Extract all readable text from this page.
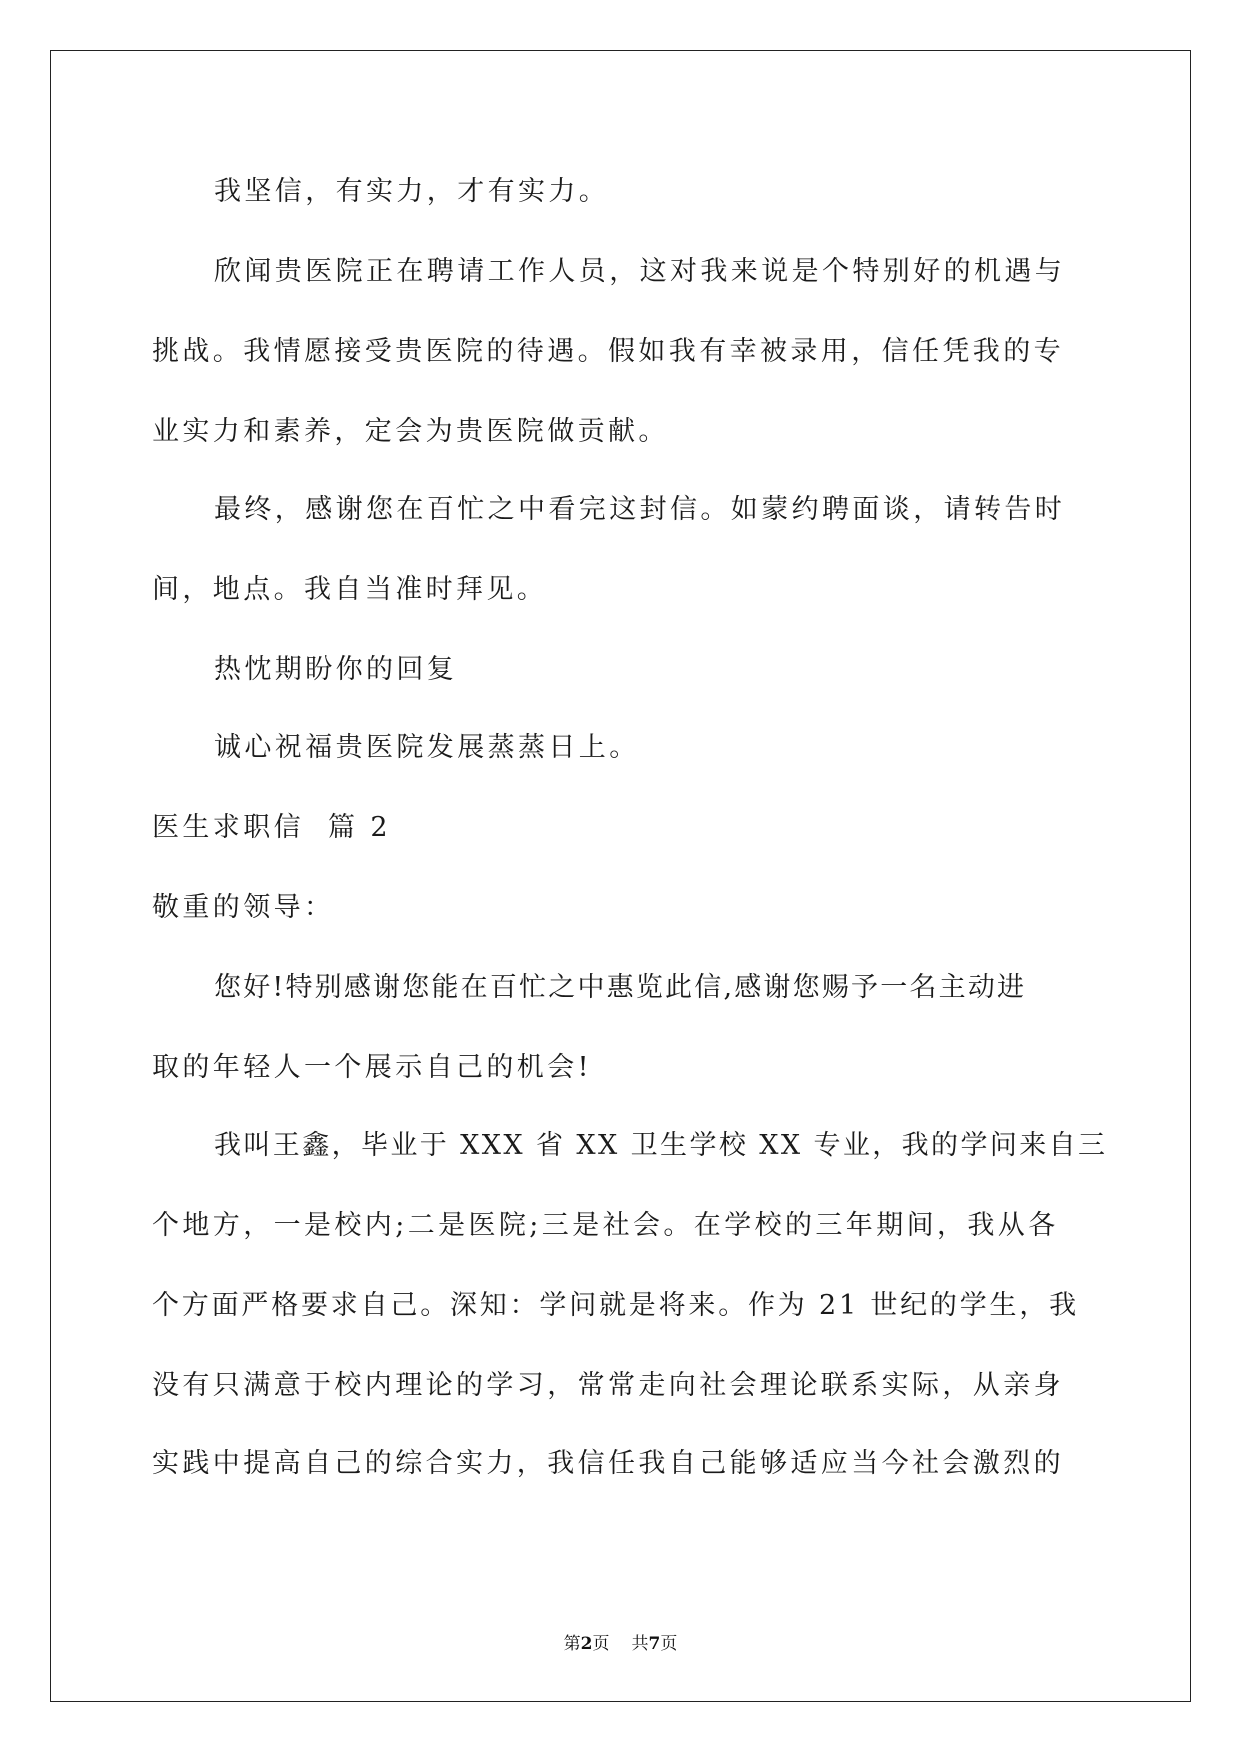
我坚信，有实力，才有实力。
欣闻贵医院正在聘请工作人员，这对我来说是个特别好的机遇与
挑战。我情愿接受贵医院的待遇。假如我有幸被录用，信任凭我的专
业实力和素养，定会为贵医院做贡献。
最终，感谢您在百忙之中看完这封信。如蒙约聘面谈，请转告时
间，地点。我自当准时拜见。
热忱期盼你的回复
诚心祝福贵医院发展蒸蒸日上。
医生求职信  篇 2
敬重的领导：
您好!特别感谢您能在百忙之中惠览此信,感谢您赐予一名主动进
取的年轻人一个展示自己的机会!
我叫王鑫，毕业于 XXX 省 XX 卫生学校 XX 专业，我的学问来自三
个地方，一是校内;二是医院;三是社会。在学校的三年期间，我从各
个方面严格要求自己。深知：学问就是将来。作为 21 世纪的学生，我
没有只满意于校内理论的学习，常常走向社会理论联系实际，从亲身
实践中提高自己的综合实力，我信任我自己能够适应当今社会激烈的
第2页 共7页
